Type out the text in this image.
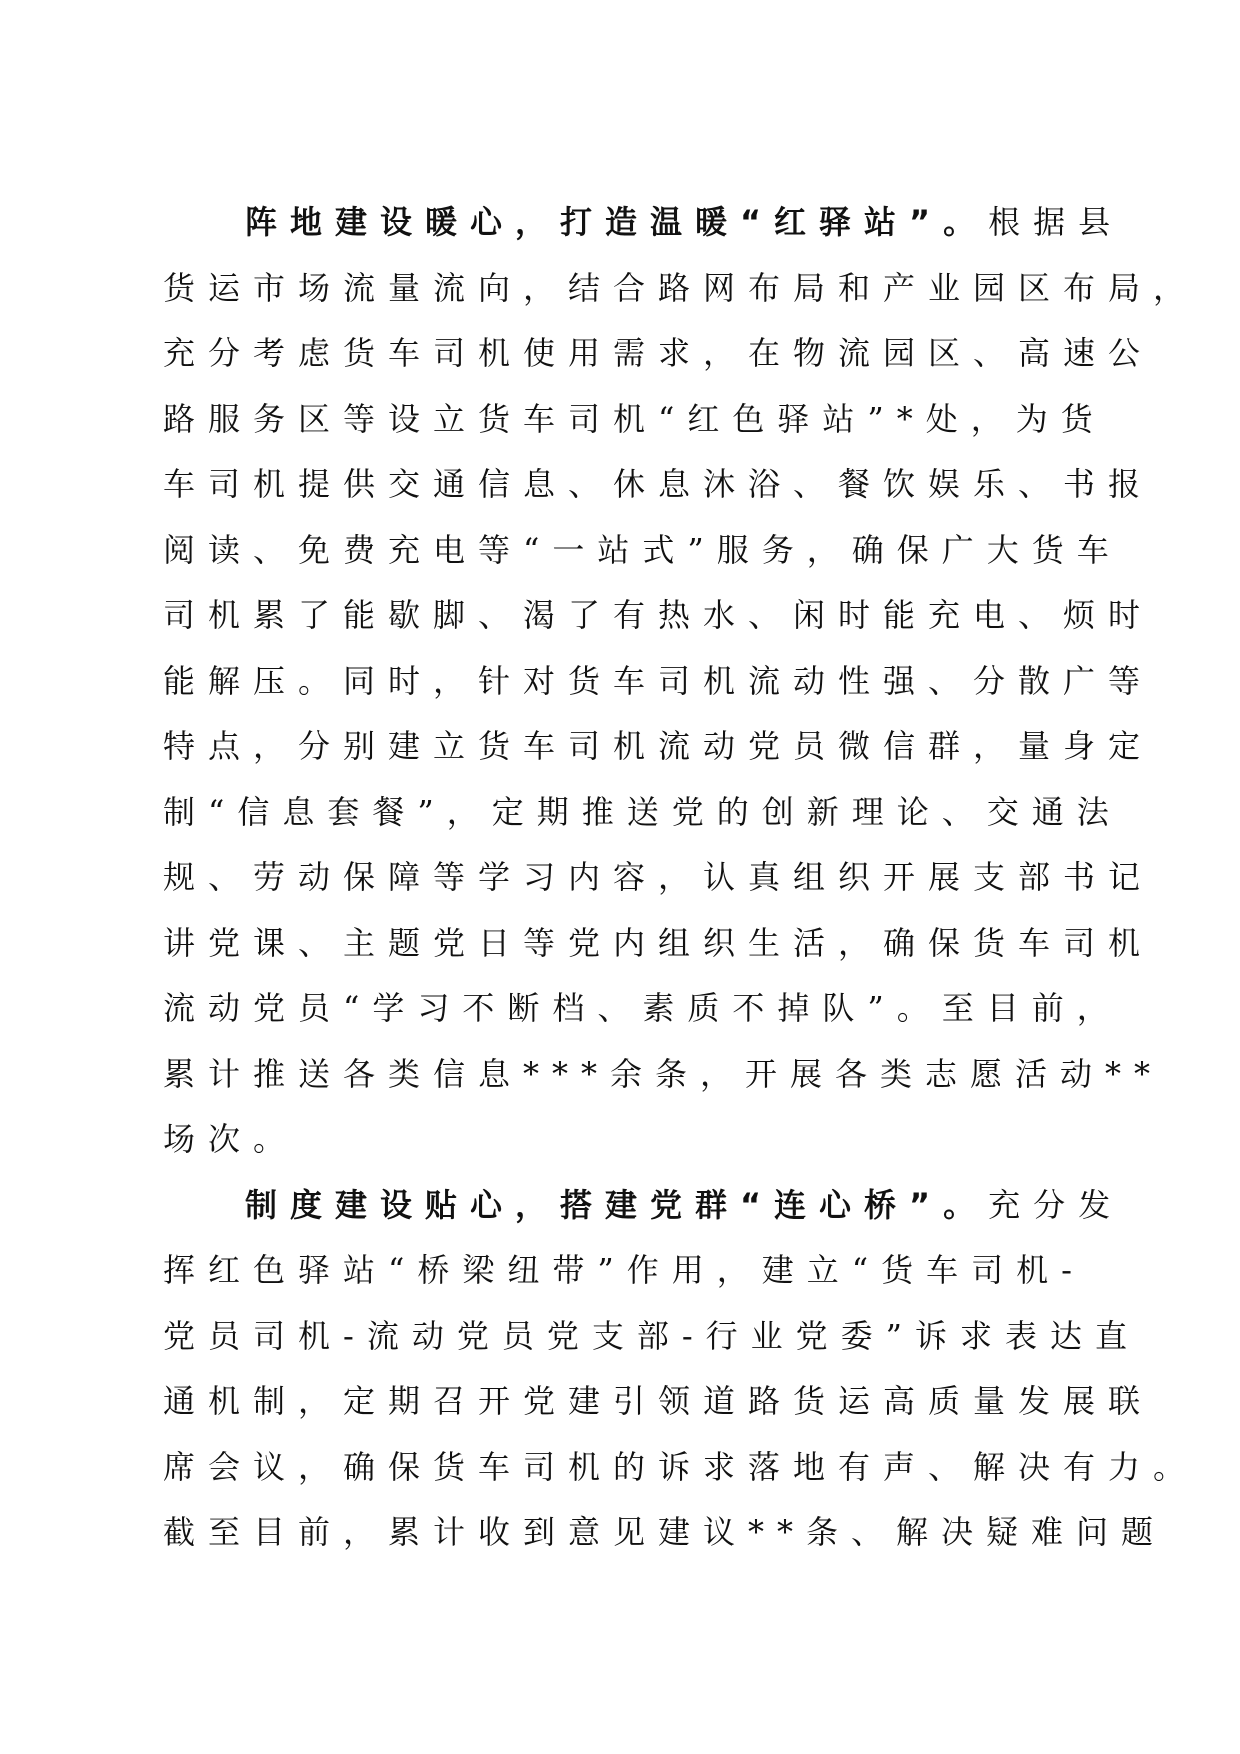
阵地建设暖心，打造温暖“红驿站”。根据县
货运市场流量流向，结合路网布局和产业园区布局，
充分考虑货车司机使用需求，在物流园区、高速公
路服务区等设立货车司机“红色驿站”*处，为货
车司机提供交通信息、休息沐浴、餐饮娱乐、书报
阅读、免费充电等“一站式”服务，确保广大货车
司机累了能歇脚、渴了有热水、闲时能充电、烦时
能解压。同时，针对货车司机流动性强、分散广等
特点，分别建立货车司机流动党员微信群，量身定
制“信息套餐”，定期推送党的创新理论、交通法
规、劳动保障等学习内容，认真组织开展支部书记
讲党课、主题党日等党内组织生活，确保货车司机
流动党员“学习不断档、素质不掉队”。至目前，
累计推送各类信息***余条，开展各类志愿活动**
场次。
制度建设贴心，搭建党群“连心桥”。充分发
挥红色驿站“桥梁纽带”作用，建立“货车司机-
党员司机-流动党员党支部-行业党委”诉求表达直
通机制，定期召开党建引领道路货运高质量发展联
席会议，确保货车司机的诉求落地有声、解决有力。
截至目前，累计收到意见建议**条、解决疑难问题
